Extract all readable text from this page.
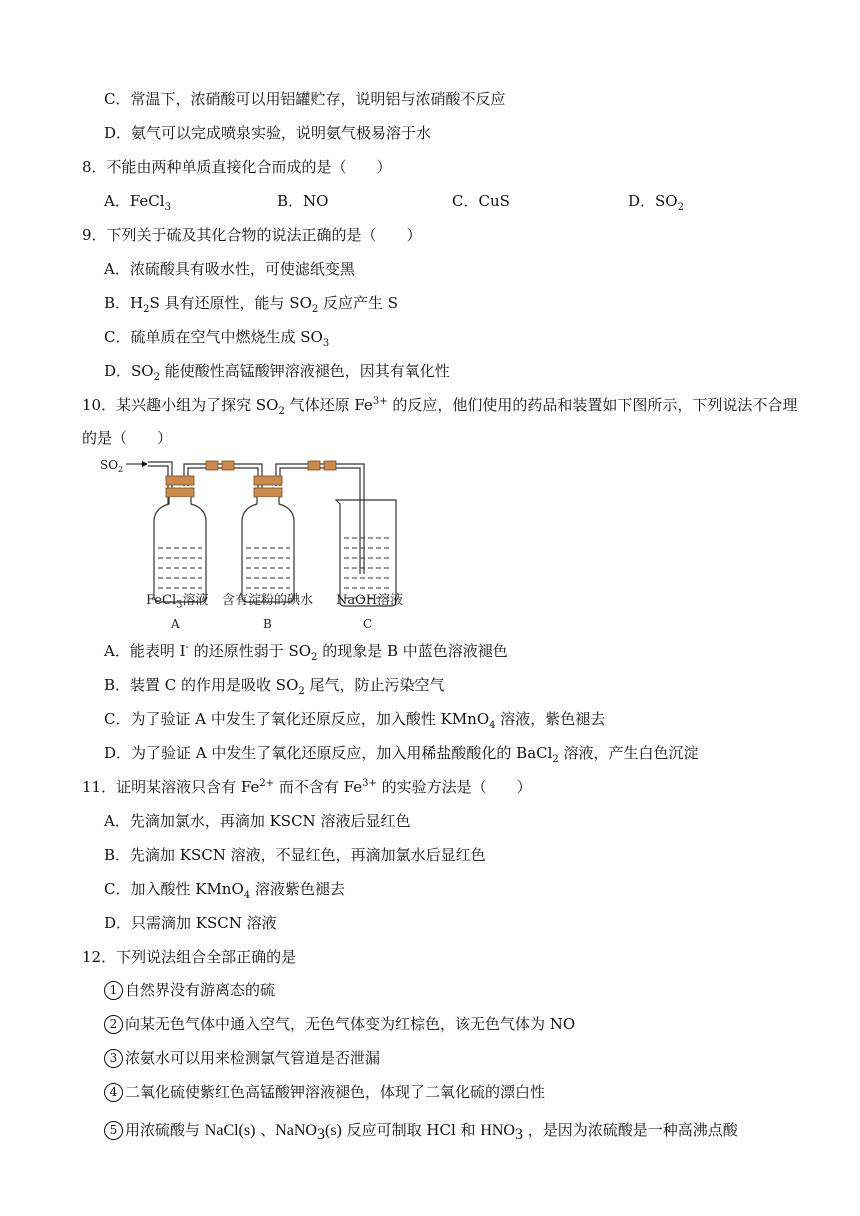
C．常温下，浓硝酸可以用铝罐贮存，说明铝与浓硝酸不反应
D．氨气可以完成喷泉实验，说明氨气极易溶于水
8．不能由两种单质直接化合而成的是（　　）
A．FeCl$_3$	B．NO	C．CuS	D．$SO_2$
9．下列关于硫及其化合物的说法正确的是（　　）
A．浓硫酸具有吸水性，可使滤纸变黑
B．$H_2S$ 具有还原性，能与 $SO_2$ 反应产生 S
C．硫单质在空气中燃烧生成 $SO_3$
D．$SO_2$ 能使酸性高锰酸钾溶液褪色，因其有氧化性
10．某兴趣小组为了探究 $SO_2$ 气体还原 $Fe^{3+}$ 的反应，他们使用的药品和装置如下图所示，下列说法不合理
的是（　　）
$SO_2$
FeCl$_3$溶液 含有淀粉的碘水 NaOH溶液
A	B	C
A．能表明 I- 的还原性弱于 $SO_2$ 的现象是 B 中蓝色溶液褪色
B．装置 C 的作用是吸收 $SO_2$ 尾气，防止污染空气
C．为了验证 A 中发生了氧化还原反应，加入酸性 KMnO$_4$ 溶液，紫色褪去
D．为了验证 A 中发生了氧化还原反应，加入用稀盐酸酸化的 BaCl$_2$ 溶液，产生白色沉淀
11．证明某溶液只含有 $Fe^{2+}$ 而不含有 $Fe^{3+}$ 的实验方法是（　　）
A．先滴加氯水，再滴加 KSCN 溶液后显红色
B．先滴加 KSCN 溶液，不显红色，再滴加氯水后显红色
C．加入酸性 KMnO$_4$ 溶液紫色褪去
D．只需滴加 KSCN 溶液
12．下列说法组合全部正确的是
1 自然界没有游离态的硫
2 向某无色气体中通入空气，无色气体变为红棕色，该无色气体为 NO
3 浓氨水可以用来检测氯气管道是否泄漏
4 二氧化硫使紫红色高锰酸钾溶液褪色，体现了二氧化硫的漂白性
5 用浓硫酸与 NaCl(s) 、NaNO$_3$(s) 反应可制取 HCl 和 $HNO_3$ ，是因为浓硫酸是一种高沸点酸
